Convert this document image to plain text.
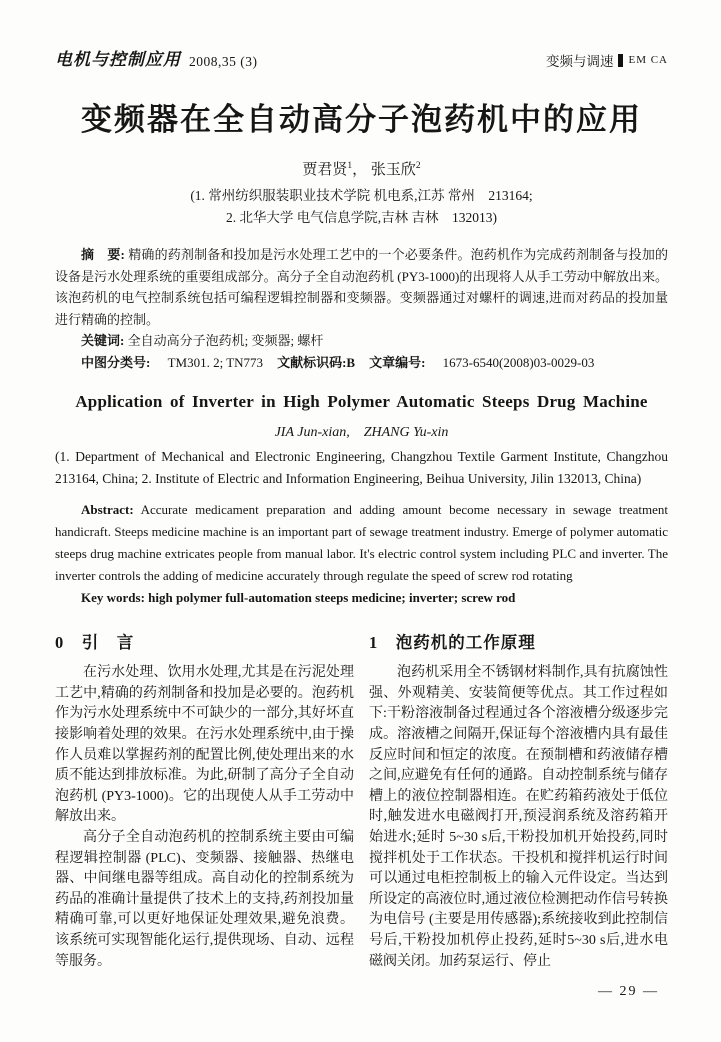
电机与控制应用 2008,35 (3)	变频与调速 EM CA
变频器在全自动高分子泡药机中的应用
贾君贤$^1$， 张玉欣$^2$

(1. 常州纺织服装职业技术学院 机电系,江苏 常州　213164;

2. 北华大学 电气信息学院,吉林 吉林　132013)

摘　要: 精确的药剂制备和投加是污水处理工艺中的一个必要条件。泡药机作为完成药剂制备与投加的设备是污水处理系统的重要组成部分。高分子全自动泡药机 (PY3-1000)的出现将人从手工劳动中解放出来。该泡药机的电气控制系统包括可编程逻辑控制器和变频器。变频器通过对螺杆的调速,进而对药品的投加量进行精确的控制。

关键词: 全自动高分子泡药机; 变频器; 螺杆

中图分类号: TM301. 2; TN773 文献标识码:B 文章编号: 1673-6540(2008)03-0029-03

Application of Inverter in High Polymer Automatic Steeps Drug Machine

JIA Jun-xian,　ZHANG Yu-xin

(1. Department of Mechanical and Electronic Engineering, Changzhou Textile Garment Institute, Changzhou 213164, China; 2. Institute of Electric and Information Engineering, Beihua University, Jilin 132013, China)

Abstract: Accurate medicament preparation and adding amount become necessary in sewage treatment handicraft. Steeps medicine machine is an important part of sewage treatment industry. Emerge of polymer automatic steeps drug machine extricates people from manual labor. It's electric control system including PLC and inverter. The inverter controls the adding of medicine accurately through regulate the speed of screw rod rotating

Key words: high polymer full-automation steeps medicine; inverter; screw rod

0　引　言

在污水处理、饮用水处理,尤其是在污泥处理工艺中,精确的药剂制备和投加是必要的。泡药机作为污水处理系统中不可缺少的一部分,其好坏直接影响着处理的效果。在污水处理系统中,由于操作人员难以掌握药剂的配置比例,使处理出来的水质不能达到排放标准。为此,研制了高分子全自动泡药机 (PY3-1000)。它的出现使人从手工劳动中解放出来。

高分子全自动泡药机的控制系统主要由可编程逻辑控制器 (PLC)、变频器、接触器、热继电器、中间继电器等组成。高自动化的控制系统为药品的准确计量提供了技术上的支持,药剂投加量精确可靠,可以更好地保证处理效果,避免浪费。该系统可实现智能化运行,提供现场、自动、远程等服务。

1　泡药机的工作原理

泡药机采用全不锈钢材料制作,具有抗腐蚀性强、外观精美、安装简便等优点。其工作过程如下:干粉溶液制备过程通过各个溶液槽分级逐步完成。溶液槽之间隔开,保证每个溶液槽内具有最佳反应时间和恒定的浓度。在预制槽和药液储存槽之间,应避免有任何的通路。自动控制系统与储存槽上的液位控制器相连。在贮药箱药液处于低位时,触发进水电磁阀打开,预浸润系统及溶药箱开始进水;延时 5~30 s后,干粉投加机开始投药,同时搅拌机处于工作状态。干投机和搅拌机运行时间可以通过电柜控制板上的输入元件设定。当达到所设定的高液位时,通过液位检测把动作信号转换为电信号 (主要是用传感器);系统接收到此控制信号后,干粉投加机停止投药,延时5~30 s后,进水电磁阀关闭。加药泵运行、停止

— 29 —
